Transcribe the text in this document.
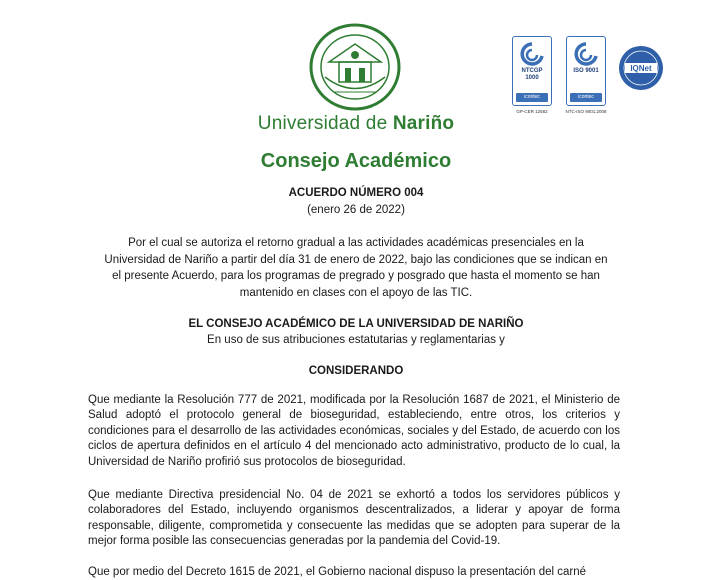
Universidad de Nariño
Consejo Académico
NTCGP
1000
icontec
GP-CER 12582
ISO 9001
icontec
NTC-ISO 9001:2008
IQNet
ACUERDO NÚMERO 004
(enero 26 de 2022)
Por el cual se autoriza el retorno gradual a las actividades académicas presenciales en la Universidad de Nariño a partir del día 31 de enero de 2022, bajo las condiciones que se indican en el presente Acuerdo, para los programas de pregrado y posgrado que hasta el momento se han mantenido en clases con el apoyo de las TIC.
EL CONSEJO ACADÉMICO DE LA UNIVERSIDAD DE NARIÑO
En uso de sus atribuciones estatutarias y reglamentarias y
CONSIDERANDO
Que mediante la Resolución 777 de 2021, modificada por la Resolución 1687 de 2021, el Ministerio de Salud adoptó el protocolo general de bioseguridad, estableciendo, entre otros, los criterios y condiciones para el desarrollo de las actividades económicas, sociales y del Estado, de acuerdo con los ciclos de apertura definidos en el artículo 4 del mencionado acto administrativo, producto de lo cual, la Universidad de Nariño profirió sus protocolos de bioseguridad.
Que mediante Directiva presidencial No. 04 de 2021 se exhortó a todos los servidores públicos y colaboradores del Estado, incluyendo organismos descentralizados, a liderar y apoyar de forma responsable, diligente, comprometida y consecuente las medidas que se adopten para superar de la mejor forma posible las consecuencias generadas por la pandemia del Covid-19.
Que por medio del Decreto 1615 de 2021, el Gobierno nacional dispuso la presentación del carné
